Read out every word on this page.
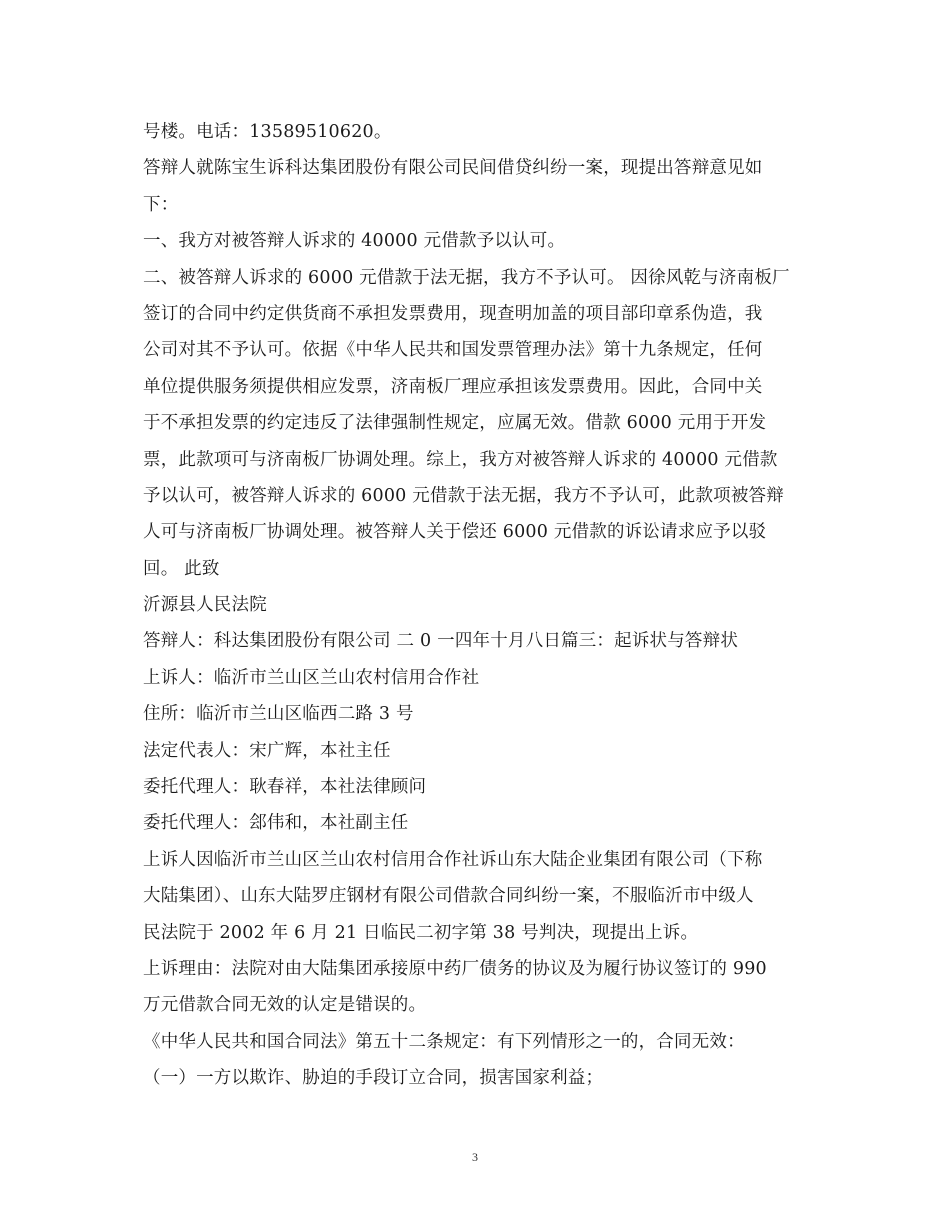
号楼。电话：13589510620。
答辩人就陈宝生诉科达集团股份有限公司民间借贷纠纷一案，现提出答辩意见如
下：
一、我方对被答辩人诉求的 40000 元借款予以认可。
二、被答辩人诉求的 6000 元借款于法无据，我方不予认可。 因徐风乾与济南板厂
签订的合同中约定供货商不承担发票费用，现查明加盖的项目部印章系伪造，我
公司对其不予认可。依据《中华人民共和国发票管理办法》第十九条规定，任何
单位提供服务须提供相应发票，济南板厂理应承担该发票费用。因此，合同中关
于不承担发票的约定违反了法律强制性规定，应属无效。借款 6000 元用于开发
票，此款项可与济南板厂协调处理。综上，我方对被答辩人诉求的 40000 元借款
予以认可，被答辩人诉求的 6000 元借款于法无据，我方不予认可，此款项被答辩
人可与济南板厂协调处理。被答辩人关于偿还 6000 元借款的诉讼请求应予以驳
回。 此致
沂源县人民法院
答辩人：科达集团股份有限公司 二 0 一四年十月八日篇三：起诉状与答辩状
上诉人：临沂市兰山区兰山农村信用合作社
住所：临沂市兰山区临西二路 3 号
法定代表人：宋广辉，本社主任
委托代理人：耿春祥，本社法律顾问
委托代理人：郐伟和，本社副主任
上诉人因临沂市兰山区兰山农村信用合作社诉山东大陆企业集团有限公司（下称
大陆集团）、山东大陆罗庄钢材有限公司借款合同纠纷一案，不服临沂市中级人
民法院于 2002 年 6 月 21 日临民二初字第 38 号判决，现提出上诉。
上诉理由：法院对由大陆集团承接原中药厂债务的协议及为履行协议签订的 990
万元借款合同无效的认定是错误的。
《中华人民共和国合同法》第五十二条规定：有下列情形之一的，合同无效：
（一）一方以欺诈、胁迫的手段订立合同，损害国家利益；
3
